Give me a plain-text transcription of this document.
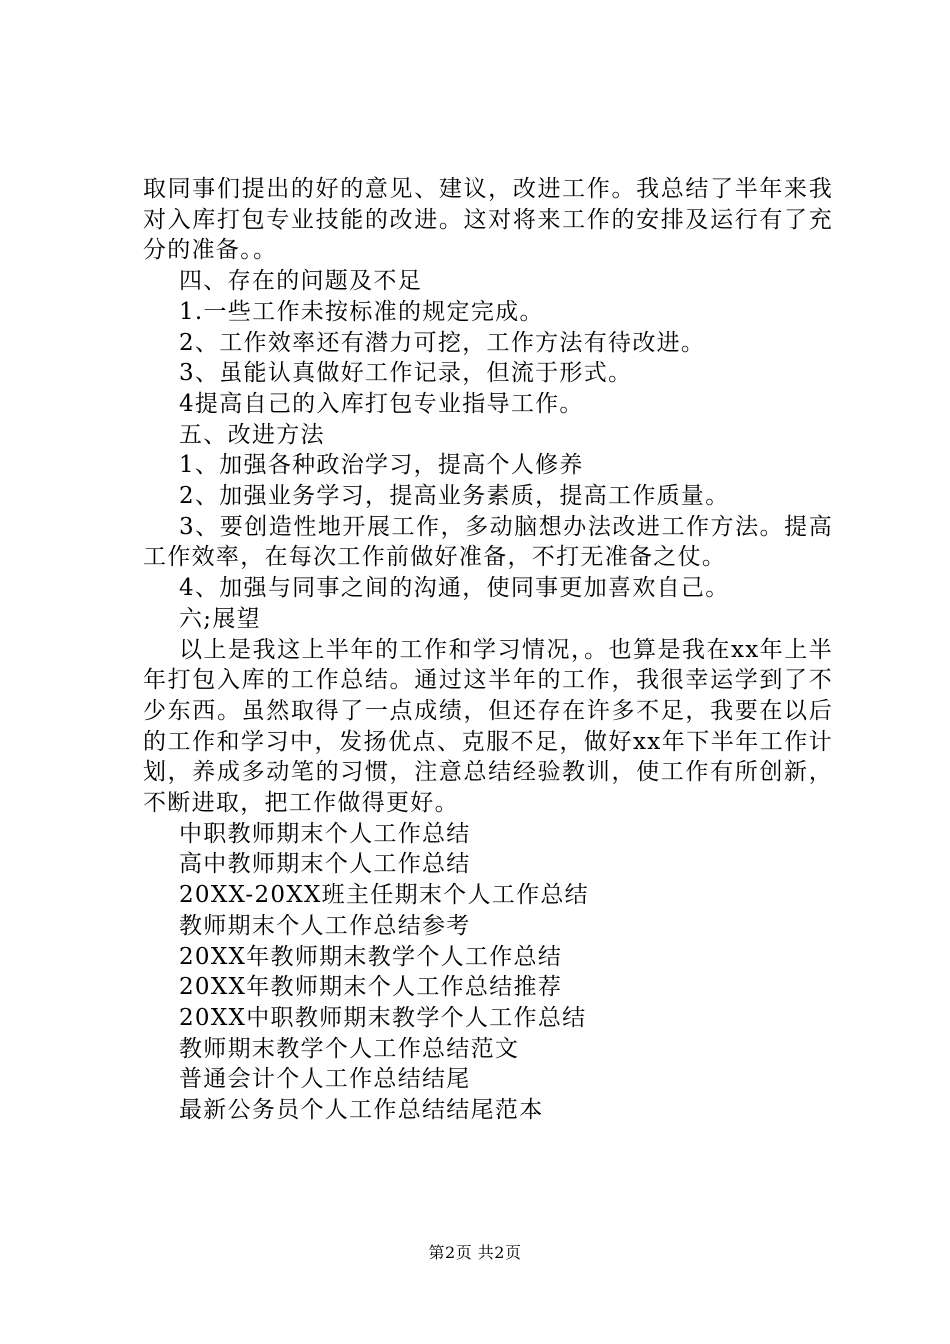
取同事们提出的好的意见、建议，改进工作。我总结了半年来我对入库打包专业技能的改进。这对将来工作的安排及运行有了充分的准备。。

四、存在的问题及不足

1.一些工作未按标准的规定完成。

2、工作效率还有潜力可挖，工作方法有待改进。

3、虽能认真做好工作记录，但流于形式。

4提高自己的入库打包专业指导工作。

五、改进方法

1、加强各种政治学习，提高个人修养

2、加强业务学习，提高业务素质，提高工作质量。

3、要创造性地开展工作，多动脑想办法改进工作方法。提高工作效率，在每次工作前做好准备，不打无准备之仗。

4、加强与同事之间的沟通，使同事更加喜欢自己。

六;展望

以上是我这上半年的工作和学习情况，。也算是我在xx年上半年打包入库的工作总结。通过这半年的工作，我很幸运学到了不少东西。虽然取得了一点成绩，但还存在许多不足，我要在以后的工作和学习中，发扬优点、克服不足，做好xx年下半年工作计划，养成多动笔的习惯，注意总结经验教训，使工作有所创新，不断进取，把工作做得更好。

中职教师期末个人工作总结
高中教师期末个人工作总结
20XX-20XX班主任期末个人工作总结
教师期末个人工作总结参考
20XX年教师期末教学个人工作总结
20XX年教师期末个人工作总结推荐
20XX中职教师期末教学个人工作总结
教师期末教学个人工作总结范文
普通会计个人工作总结结尾
最新公务员个人工作总结结尾范本
第2页 共2页
